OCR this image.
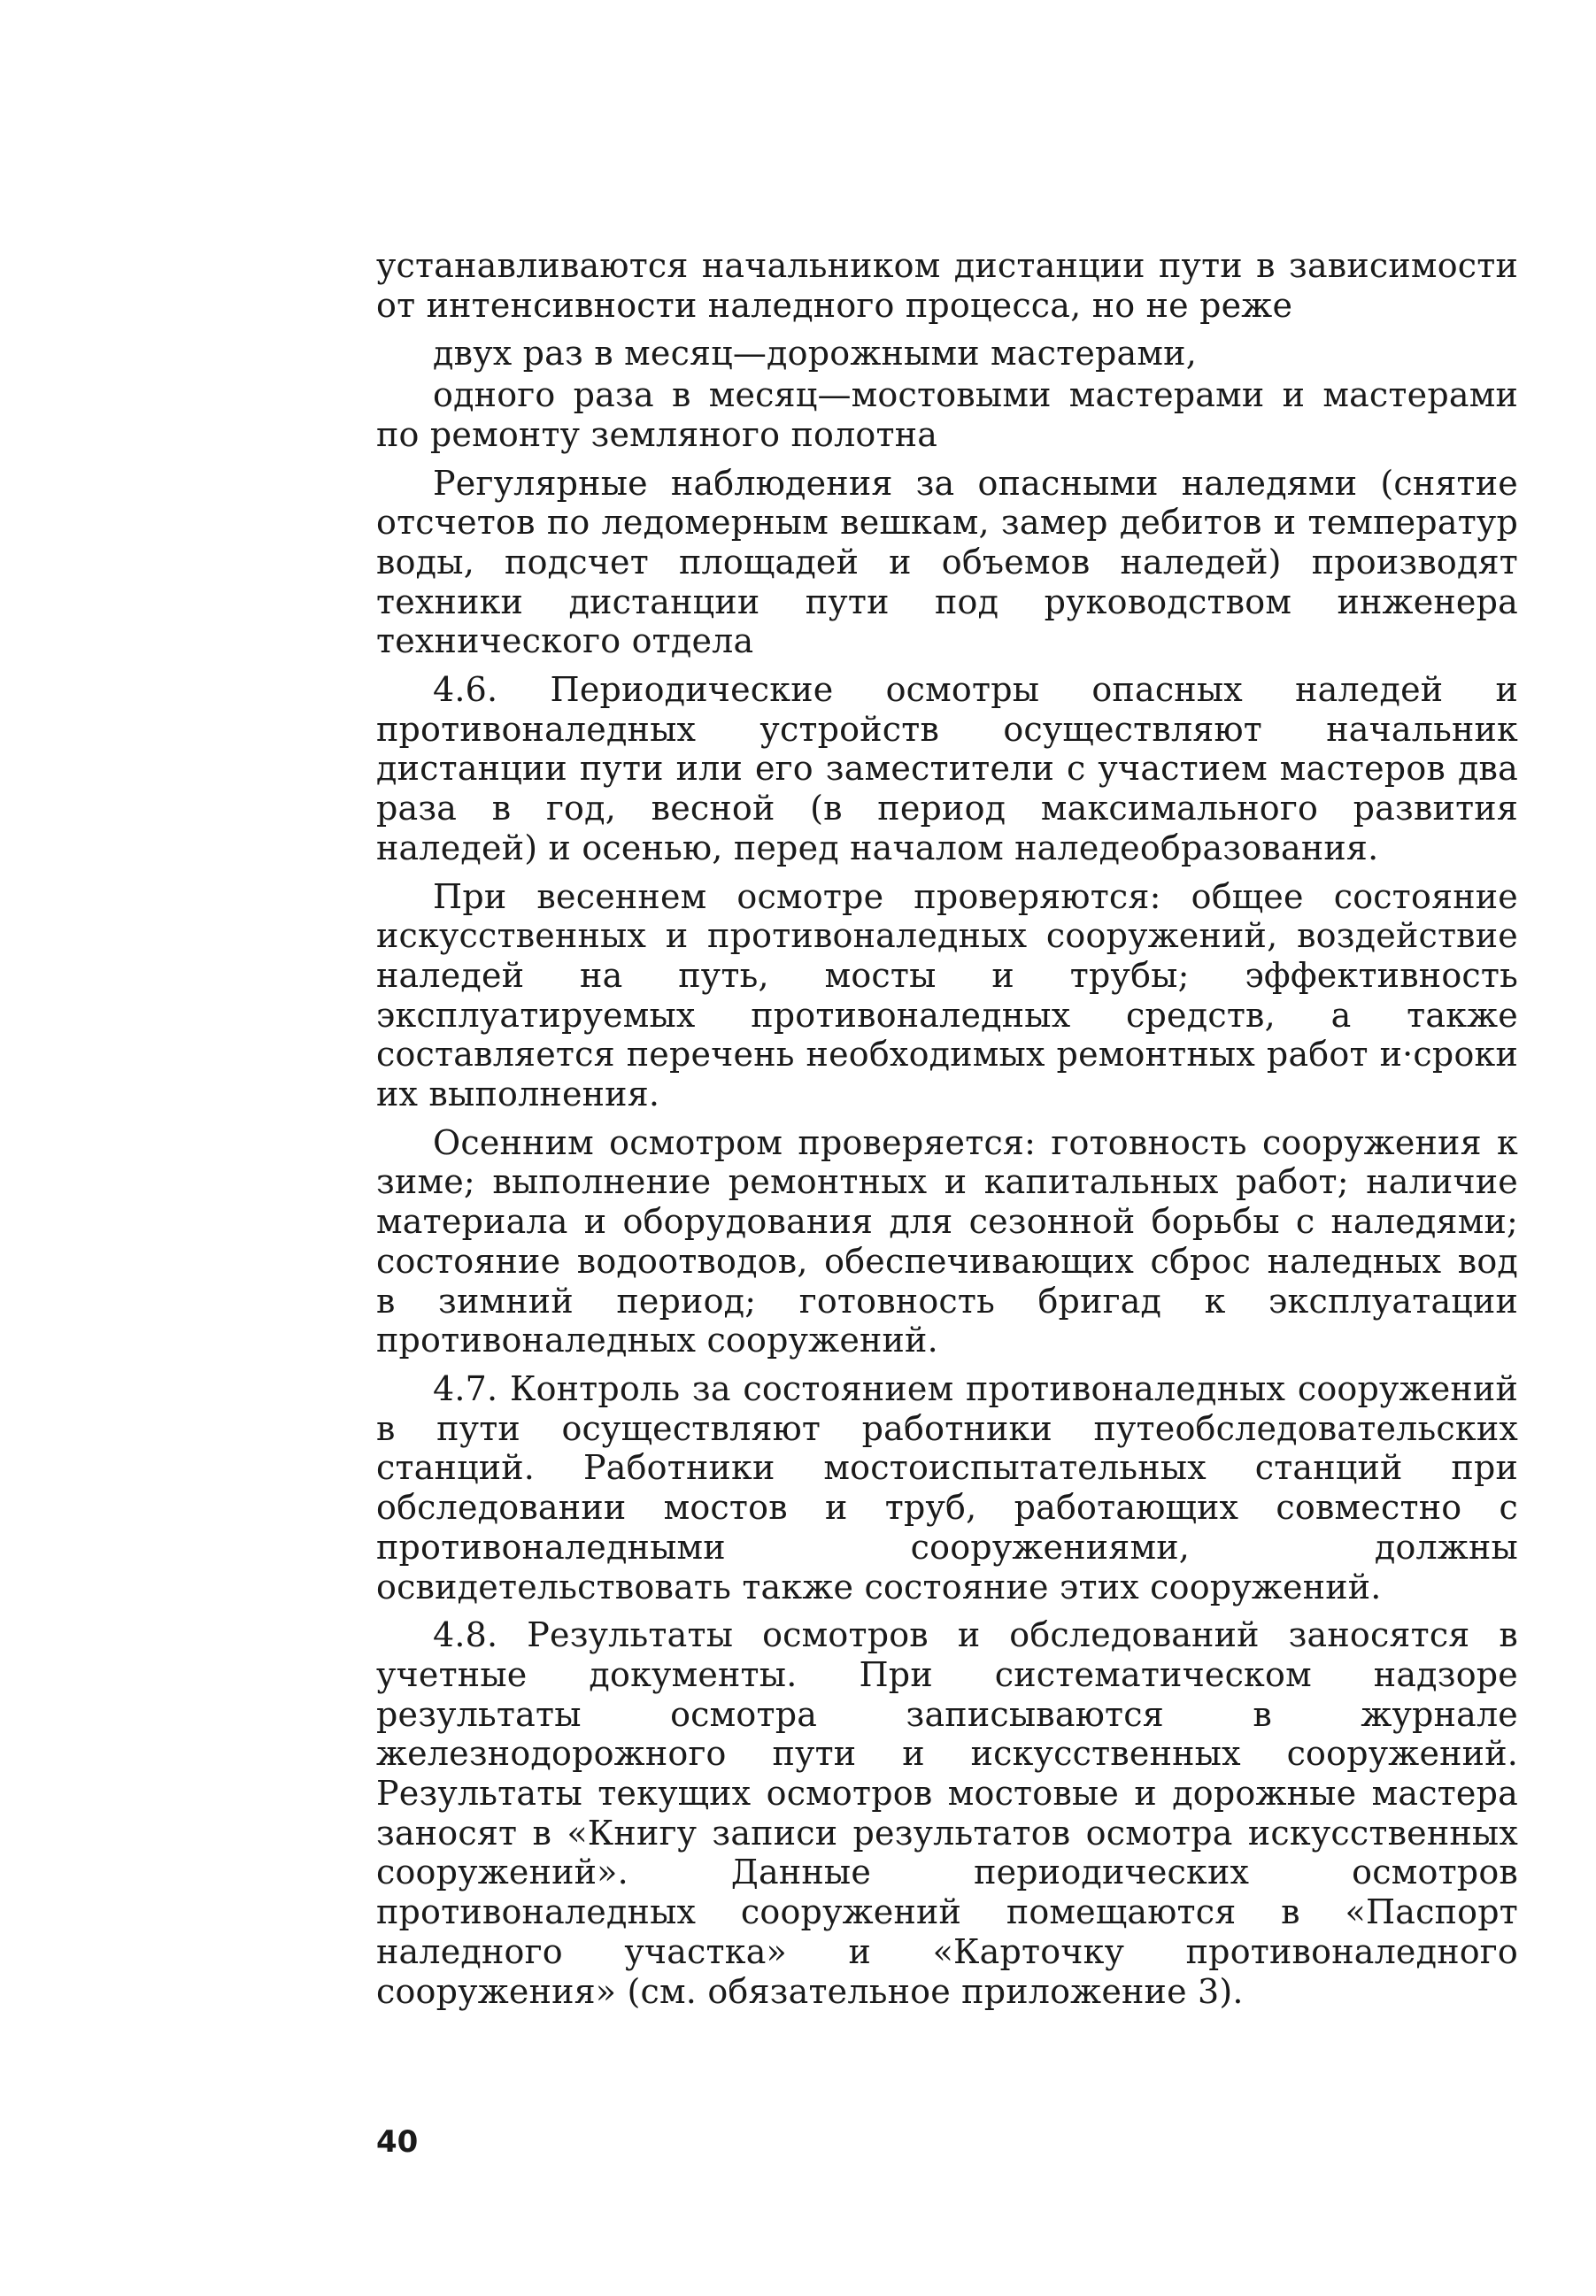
устанавливаются начальником дистанции пути в зависимости от интенсивности наледного процесса, но не реже

двух раз в месяц—дорожными мастерами,

одного раза в месяц—мостовыми мастерами и мастерами по ремонту земляного полотна

Регулярные наблюдения за опасными наледями (снятие отсчетов по ледомерным вешкам, замер дебитов и температур воды, подсчет площадей и объемов наледей) производят техники дистанции пути под руководством инженера технического отдела

4.6. Периодические осмотры опасных наледей и противоналедных устройств осуществляют начальник дистанции пути или его заместители с участием мастеров два раза в год, весной (в период максимального развития наледей) и осенью, перед началом наледеобразования.

При весеннем осмотре проверяются: общее состояние искусственных и противоналедных сооружений, воздействие наледей на путь, мосты и трубы; эффективность эксплуатируемых противоналедных средств, а также составляется перечень необходимых ремонтных работ и·сроки их выполнения.

Осенним осмотром проверяется: готовность сооружения к зиме; выполнение ремонтных и капитальных работ; наличие материала и оборудования для сезонной борьбы с наледями; состояние водоотводов, обеспечивающих сброс наледных вод в зимний период; готовность бригад к эксплуатации противоналедных сооружений.

4.7. Контроль за состоянием противоналедных сооружений в пути осуществляют работники путеобследовательских станций. Работники мостоиспытательных станций при обследовании мостов и труб, работающих совместно с противоналедными сооружениями, должны освидетельствовать также состояние этих сооружений.

4.8. Результаты осмотров и обследований заносятся в учетные документы. При систематическом надзоре результаты осмотра записываются в журнале железнодорожного пути и искусственных сооружений. Результаты текущих осмотров мостовые и дорожные мастера заносят в «Книгу записи результатов осмотра искусственных сооружений». Данные периодических осмотров противоналедных сооружений помещаются в «Паспорт наледного участка» и «Карточку противоналедного сооружения» (см. обязательное приложение 3).

40
